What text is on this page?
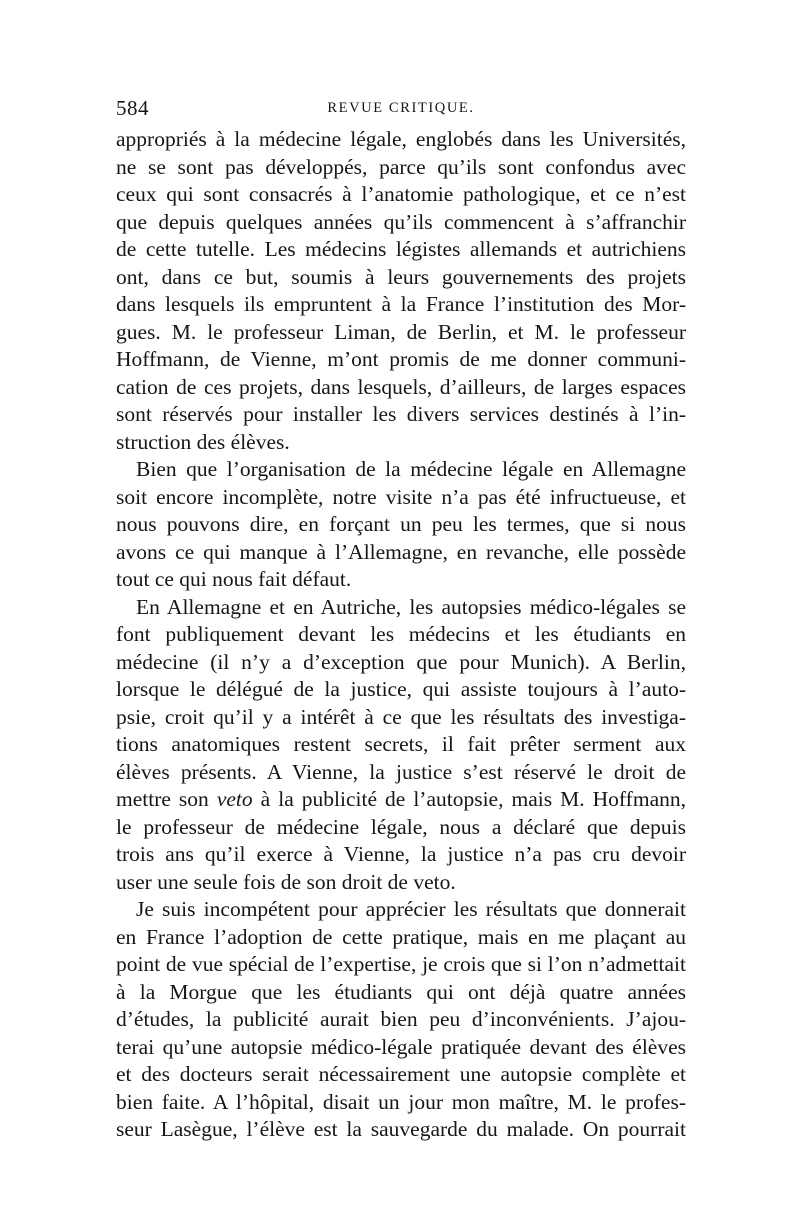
584	REVUE CRITIQUE.
appropriés à la médecine légale, englobés dans les Universités,
ne se sont pas développés, parce qu’ils sont confondus avec
ceux qui sont consacrés à l’anatomie pathologique, et ce n’est
que depuis quelques années qu’ils commencent à s’affranchir
de cette tutelle. Les médecins légistes allemands et autrichiens
ont, dans ce but, soumis à leurs gouvernements des projets
dans lesquels ils empruntent à la France l’institution des Mor-
gues. M. le professeur Liman, de Berlin, et M. le professeur
Hoffmann, de Vienne, m’ont promis de me donner communi-
cation de ces projets, dans lesquels, d’ailleurs, de larges espaces
sont réservés pour installer les divers services destinés à l’in-
struction des élèves.
Bien que l’organisation de la médecine légale en Allemagne
soit encore incomplète, notre visite n’a pas été infructueuse, et
nous pouvons dire, en forçant un peu les termes, que si nous
avons ce qui manque à l’Allemagne, en revanche, elle possède
tout ce qui nous fait défaut.
En Allemagne et en Autriche, les autopsies médico-légales se
font publiquement devant les médecins et les étudiants en
médecine (il n’y a d’exception que pour Munich). A Berlin,
lorsque le délégué de la justice, qui assiste toujours à l’auto-
psie, croit qu’il y a intérêt à ce que les résultats des investiga-
tions anatomiques restent secrets, il fait prêter serment aux
élèves présents. A Vienne, la justice s’est réservé le droit de
mettre son veto à la publicité de l’autopsie, mais M. Hoffmann,
le professeur de médecine légale, nous a déclaré que depuis
trois ans qu’il exerce à Vienne, la justice n’a pas cru devoir
user une seule fois de son droit de veto.
Je suis incompétent pour apprécier les résultats que donnerait
en France l’adoption de cette pratique, mais en me plaçant au
point de vue spécial de l’expertise, je crois que si l’on n’admettait
à la Morgue que les étudiants qui ont déjà quatre années
d’études, la publicité aurait bien peu d’inconvénients. J’ajou-
terai qu’une autopsie médico-légale pratiquée devant des élèves
et des docteurs serait nécessairement une autopsie complète et
bien faite. A l’hôpital, disait un jour mon maître, M. le profes-
seur Lasègue, l’élève est la sauvegarde du malade. On pourrait
